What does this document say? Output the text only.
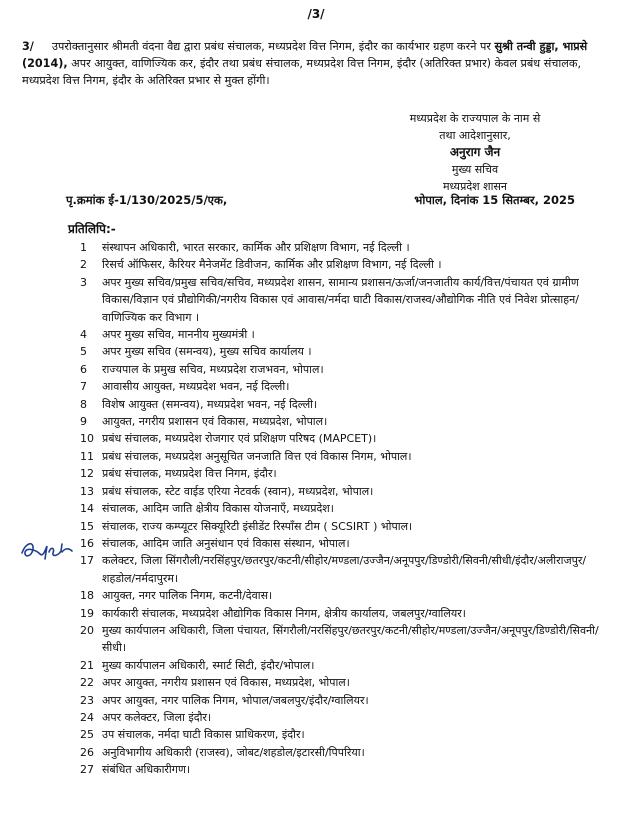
/3/
3/ उपरोक्तानुसार श्रीमती वंदना वैद्य द्वारा प्रबंध संचालक, मध्यप्रदेश वित्त निगम, इंदौर का कार्यभार ग्रहण करने पर सुश्री तन्वी हुड्डा, भाप्रसे (2014), अपर आयुक्त, वाणिज्यिक कर, इंदौर तथा प्रबंध संचालक, मध्यप्रदेश वित्त निगम, इंदौर (अतिरिक्त प्रभार) केवल प्रबंध संचालक, मध्यप्रदेश वित्त निगम, इंदौर के अतिरिक्त प्रभार से मुक्त होंगी।
मध्यप्रदेश के राज्यपाल के नाम से
तथा आदेशानुसार,
अनुराग जैन
मुख्य सचिव
मध्यप्रदेश शासन
पृ.क्रमांक ई-1/130/2025/5/एक,	भोपाल, दिनांक 15 सितम्बर, 2025
प्रतिलिपि:-
1	संस्थापन अधिकारी, भारत सरकार, कार्मिक और प्रशिक्षण विभाग, नई दिल्ली ।
2	रिसर्च ऑफिसर, कैरियर मैनेजमेंट डिवीजन, कार्मिक और प्रशिक्षण विभाग, नई दिल्ली ।
3	अपर मुख्य सचिव/प्रमुख सचिव/सचिव, मध्यप्रदेश शासन, सामान्य प्रशासन/ऊर्जा/जनजातीय कार्य/वित्त/पंचायत एवं ग्रामीण विकास/विज्ञान एवं प्रौद्योगिकी/नगरीय विकास एवं आवास/नर्मदा घाटी विकास/राजस्व/औद्योगिक नीति एवं निवेश प्रोत्साहन/वाणिज्यिक कर विभाग ।
4	अपर मुख्य सचिव, माननीय मुख्यमंत्री ।
5	अपर मुख्य सचिव (समन्वय), मुख्य सचिव कार्यालय ।
6	राज्यपाल के प्रमुख सचिव, मध्यप्रदेश राजभवन, भोपाल।
7	आवासीय आयुक्त, मध्यप्रदेश भवन, नई दिल्ली।
8	विशेष आयुक्त (समन्वय), मध्यप्रदेश भवन, नई दिल्ली।
9	आयुक्त, नगरीय प्रशासन एवं विकास, मध्यप्रदेश, भोपाल।
10 प्रबंध संचालक, मध्यप्रदेश रोजगार एवं प्रशिक्षण परिषद (MAPCET)।
11 प्रबंध संचालक, मध्यप्रदेश अनुसूचित जनजाति वित्त एवं विकास निगम, भोपाल।
12 प्रबंध संचालक, मध्यप्रदेश वित्त निगम, इंदौर।
13 प्रबंध संचालक, स्टेट वाईड एरिया नेटवर्क (स्वान), मध्यप्रदेश, भोपाल।
14 संचालक, आदिम जाति क्षेत्रीय विकास योजनाएँ, मध्यप्रदेश।
15 संचालक, राज्य कम्प्यूटर सिक्यूरिटी इंसीडेंट रिस्पॉंस टीम ( SCSIRT ) भोपाल।
16 संचालक, आदिम जाति अनुसंधान एवं विकास संस्थान, भोपाल।
17 कलेक्टर, जिला सिंगरौली/नरसिंहपुर/छतरपुर/कटनी/सीहोर/मण्डला/उज्जैन/अनूपपुर/डिण्डोरी/सिवनी/सीधी/इंदौर/अलीराजपुर/शहडोल/नर्मदापुरम।
18 आयुक्त, नगर पालिक निगम, कटनी/देवास।
19 कार्यकारी संचालक, मध्यप्रदेश औद्योगिक विकास निगम, क्षेत्रीय कार्यालय, जबलपुर/ग्वालियर।
20 मुख्य कार्यपालन अधिकारी, जिला पंचायत, सिंगरौली/नरसिंहपुर/छतरपुर/कटनी/सीहोर/मण्डला/उज्जैन/अनूपपुर/डिण्डोरी/सिवनी/सीधी।
21 मुख्य कार्यपालन अधिकारी, स्मार्ट सिटी, इंदौर/भोपाल।
22 अपर आयुक्त, नगरीय प्रशासन एवं विकास, मध्यप्रदेश, भोपाल।
23 अपर आयुक्त, नगर पालिक निगम, भोपाल/जबलपुर/इंदौर/ग्वालियर।
24 अपर कलेक्टर, जिला इंदौर।
25 उप संचालक, नर्मदा घाटी विकास प्राधिकरण, इंदौर।
26 अनुविभागीय अधिकारी (राजस्व), जोबट/शहडोल/इटारसी/पिपरिया।
27 संबंधित अधिकारीगण।
